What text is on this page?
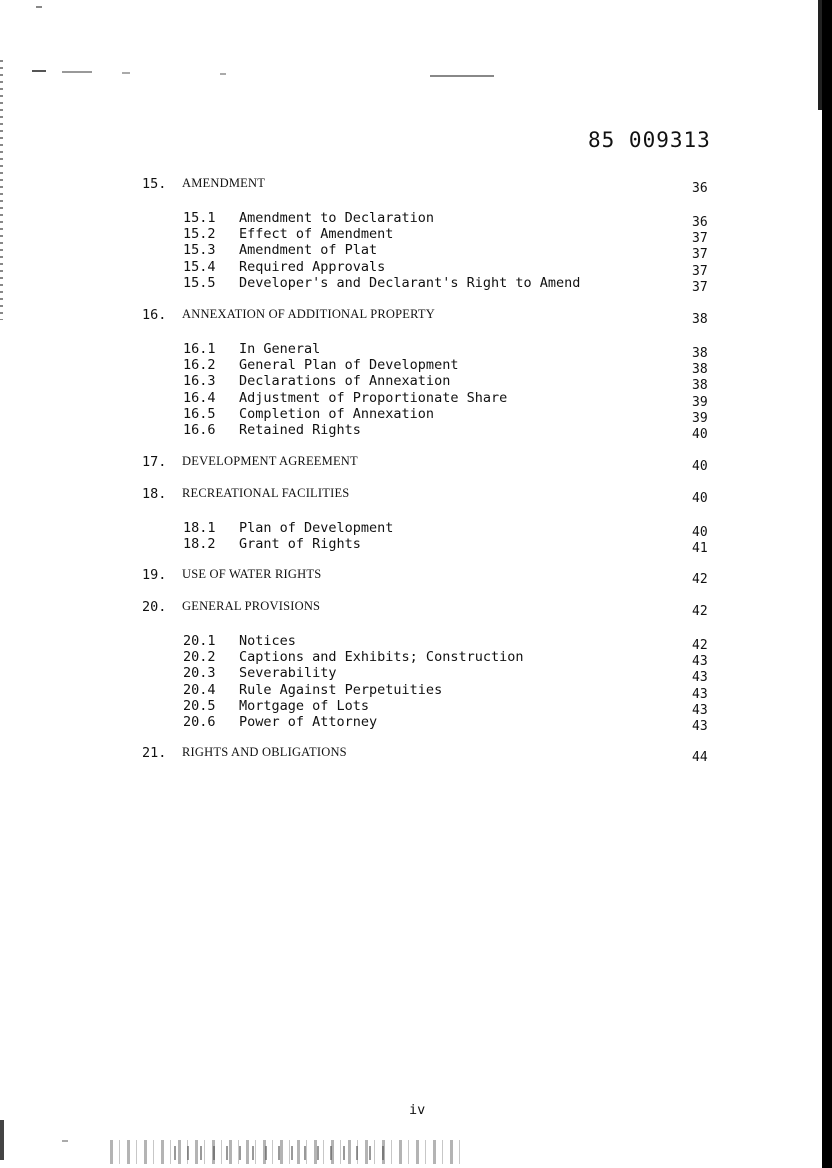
85 009313
15. AMENDMENT	36
15.1 Amendment to Declaration	36
15.2 Effect of Amendment	37
15.3 Amendment of Plat	37
15.4 Required Approvals	37
15.5 Developer's and Declarant's Right to Amend	37
16. ANNEXATION OF ADDITIONAL PROPERTY	38
16.1 In General	38
16.2 General Plan of Development	38
16.3 Declarations of Annexation	38
16.4 Adjustment of Proportionate Share	39
16.5 Completion of Annexation	39
16.6 Retained Rights	40
17. DEVELOPMENT AGREEMENT	40
18. RECREATIONAL FACILITIES	40
18.1 Plan of Development	40
18.2 Grant of Rights	41
19. USE OF WATER RIGHTS	42
20. GENERAL PROVISIONS	42
20.1 Notices	42
20.2 Captions and Exhibits; Construction	43
20.3 Severability	43
20.4 Rule Against Perpetuities	43
20.5 Mortgage of Lots	43
20.6 Power of Attorney	43
21. RIGHTS AND OBLIGATIONS	44
iv
